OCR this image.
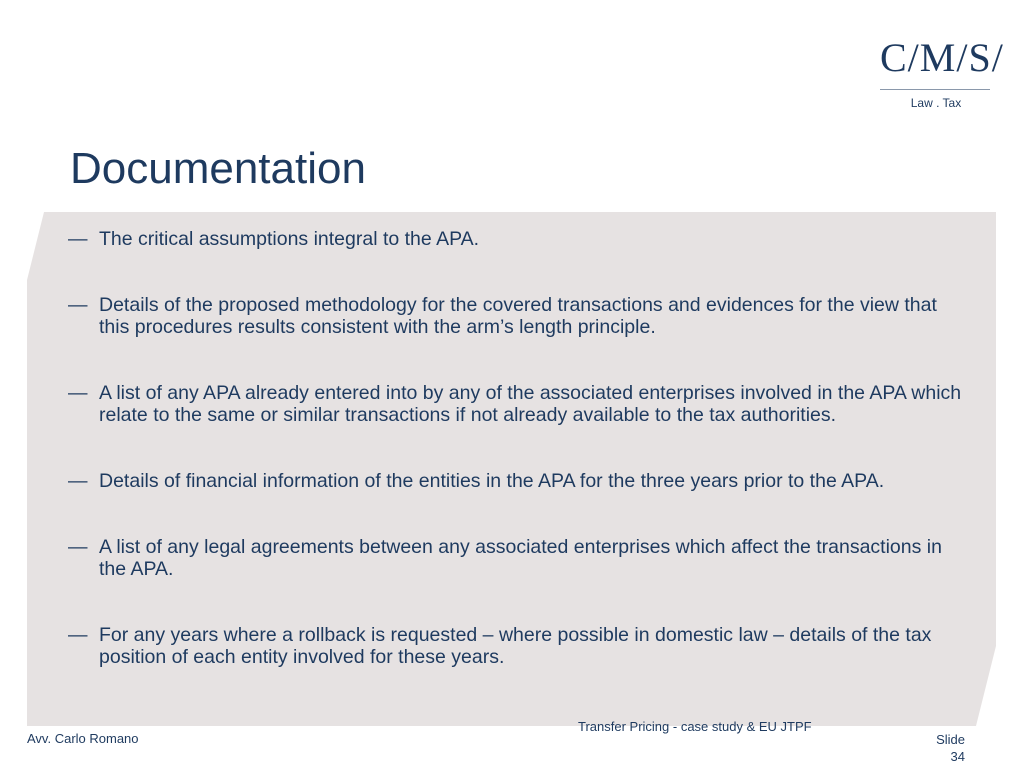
C/M/S/
Law . Tax
Documentation
— The critical assumptions integral to the APA.
— Details of the proposed methodology for the covered transactions and evidences for the view that this procedures results consistent with the arm’s length principle.
— A list of any APA already entered into by any of the associated enterprises involved in the APA which relate to the same or similar transactions if not already available to the tax authorities.
— Details of financial information of the entities in the APA for the three years prior to the APA.
— A list of any legal agreements between any associated enterprises which affect the transactions in the APA.
— For any years where a rollback is requested – where possible in domestic law – details of the tax position of each entity involved for these years.
Avv. Carlo Romano
Transfer Pricing - case study & EU JTPF
Slide 34
